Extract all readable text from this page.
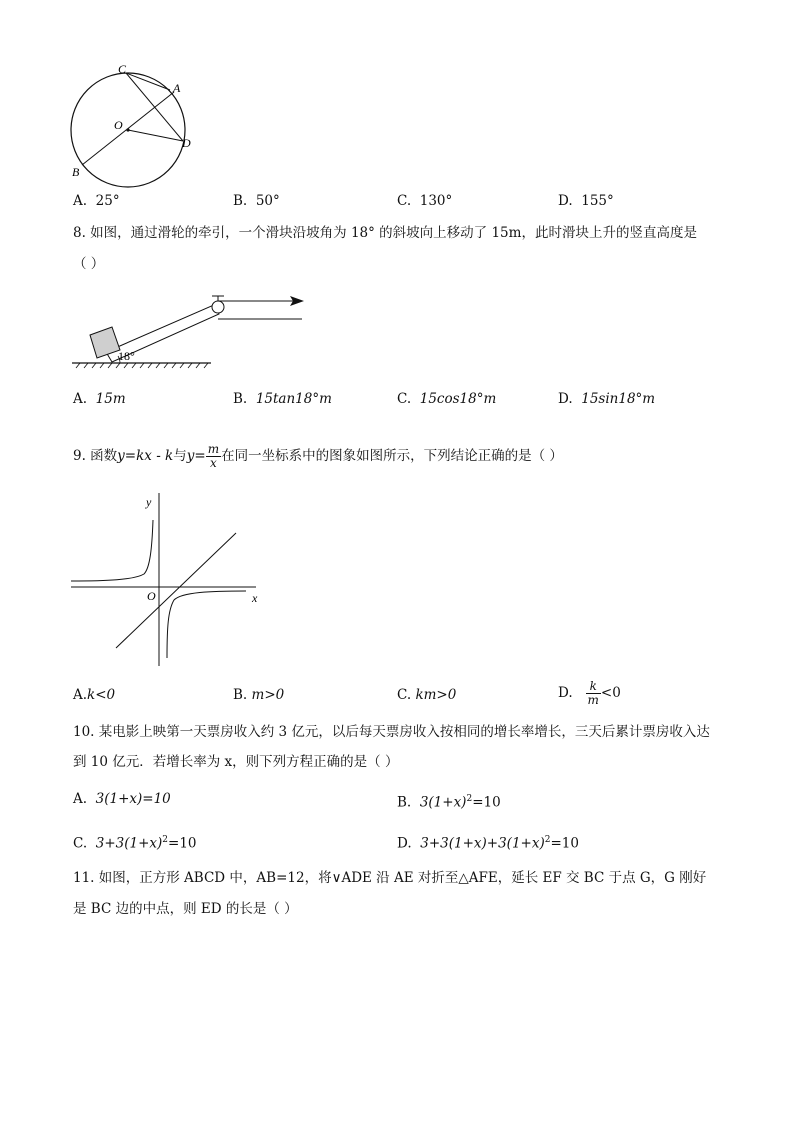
C
A
O
D
B
A. 25°	B. 50°	C. 130°	D. 155°
8. 如图，通过滑轮的牵引，一个滑块沿坡角为 18° 的斜坡向上移动了 15m，此时滑块上升的竖直高度是
（ ）
18°
A. 15m	B. 15tan18°m	C. 15cos18°m	D. 15sin18°m
9. 函数y=kx - k与$y= \frac{m}{x}$ 在同一坐标系中的图象如图所示，下列结论正确的是（ ）
y
x
O
A.k<0	B. m>0	C. km>0	D. $\frac{k}{m} <0$
10. 某电影上映第一天票房收入约 3 亿元，以后每天票房收入按相同的增长率增长，三天后累计票房收入达
到 10 亿元．若增长率为 x，则下列方程正确的是（ ）
A. 3(1+x)=10	B. $3(1+x)^2=10$
C. $3+3(1+x)^2=10$	D. $3+3(1+x)+3(1+x)^2=10$
11. 如图，正方形 ABCD 中，AB=12，将∨ADE 沿 AE 对折至△AFE，延长 EF 交 BC 于点 G，G 刚好
是 BC 边的中点，则 ED 的长是（ ）
